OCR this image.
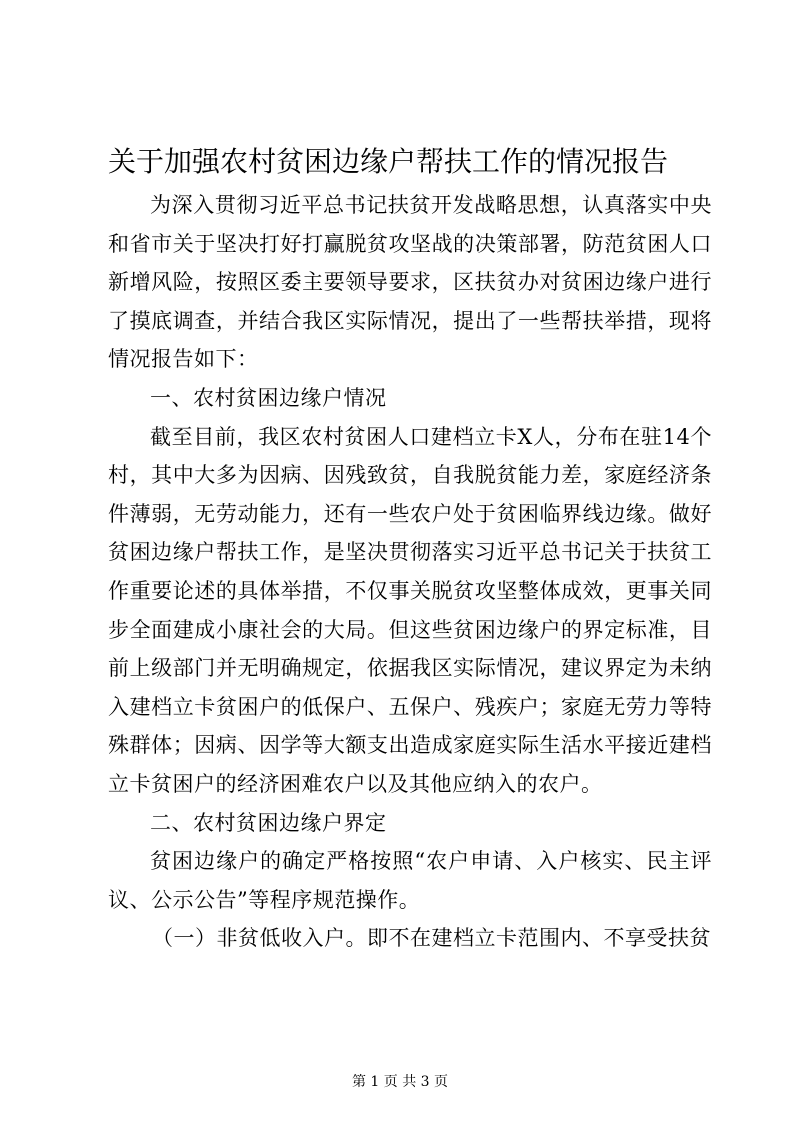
关于加强农村贫困边缘户帮扶工作的情况报告

为深入贯彻习近平总书记扶贫开发战略思想，认真落实中央和省市关于坚决打好打赢脱贫攻坚战的决策部署，防范贫困人口新增风险，按照区委主要领导要求，区扶贫办对贫困边缘户进行了摸底调查，并结合我区实际情况，提出了一些帮扶举措，现将情况报告如下：

一、农村贫困边缘户情况

截至目前，我区农村贫困人口建档立卡X人，分布在驻14个村，其中大多为因病、因残致贫，自我脱贫能力差，家庭经济条件薄弱，无劳动能力，还有一些农户处于贫困临界线边缘。做好贫困边缘户帮扶工作，是坚决贯彻落实习近平总书记关于扶贫工作重要论述的具体举措，不仅事关脱贫攻坚整体成效，更事关同步全面建成小康社会的大局。但这些贫困边缘户的界定标准，目前上级部门并无明确规定，依据我区实际情况，建议界定为未纳入建档立卡贫困户的低保户、五保户、残疾户；家庭无劳力等特殊群体；因病、因学等大额支出造成家庭实际生活水平接近建档立卡贫困户的经济困难农户以及其他应纳入的农户。

二、农村贫困边缘户界定

贫困边缘户的确定严格按照“农户申请、入户核实、民主评议、公示公告”等程序规范操作。

（一）非贫低收入户。即不在建档立卡范围内、不享受扶贫

第 1 页 共 3 页
